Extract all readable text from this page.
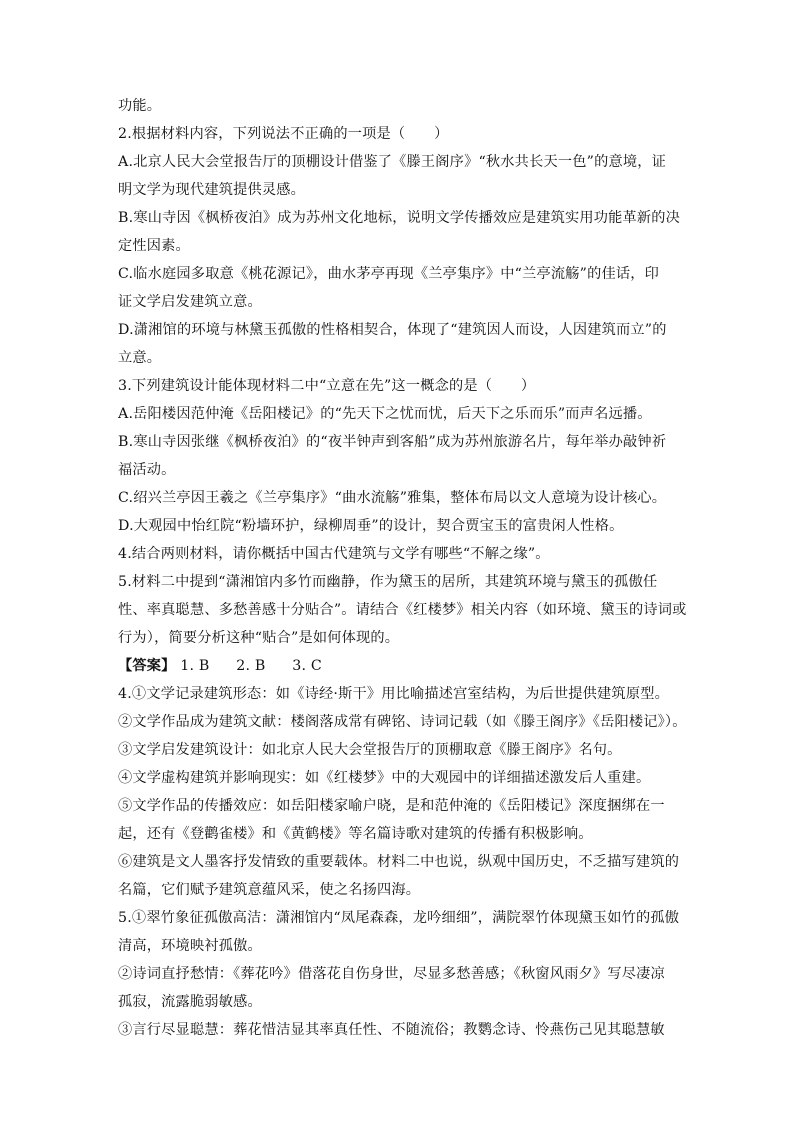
功能。
2.根据材料内容，下列说法不正确的一项是（　　）
A.北京人民大会堂报告厅的顶棚设计借鉴了《滕王阁序》“秋水共长天一色”的意境，证
明文学为现代建筑提供灵感。
B.寒山寺因《枫桥夜泊》成为苏州文化地标，说明文学传播效应是建筑实用功能革新的决
定性因素。
C.临水庭园多取意《桃花源记》，曲水茅亭再现《兰亭集序》中“兰亭流觞”的佳话，印
证文学启发建筑立意。
D.潇湘馆的环境与林黛玉孤傲的性格相契合，体现了“建筑因人而设，人因建筑而立”的
立意。
3.下列建筑设计能体现材料二中“立意在先”这一概念的是（　　）
A.岳阳楼因范仲淹《岳阳楼记》的“先天下之忧而忧，后天下之乐而乐”而声名远播。
B.寒山寺因张继《枫桥夜泊》的“夜半钟声到客船”成为苏州旅游名片，每年举办敲钟祈
福活动。
C.绍兴兰亭因王羲之《兰亭集序》“曲水流觞”雅集，整体布局以文人意境为设计核心。
D.大观园中怡红院“粉墙环护，绿柳周垂”的设计，契合贾宝玉的富贵闲人性格。
4.结合两则材料，请你概括中国古代建筑与文学有哪些“不解之缘”。
5.材料二中提到“潇湘馆内多竹而幽静，作为黛玉的居所，其建筑环境与黛玉的孤傲任
性、率真聪慧、多愁善感十分贴合”。请结合《红楼梦》相关内容（如环境、黛玉的诗词或
行为），简要分析这种“贴合”是如何体现的。
【答案】 1. B 2. B 3. C
4.①文学记录建筑形态：如《诗经·斯干》用比喻描述宫室结构，为后世提供建筑原型。
②文学作品成为建筑文献：楼阁落成常有碑铭、诗词记载（如《滕王阁序》《岳阳楼记》）。
③文学启发建筑设计：如北京人民大会堂报告厅的顶棚取意《滕王阁序》名句。
④文学虚构建筑并影响现实：如《红楼梦》中的大观园中的详细描述激发后人重建。
⑤文学作品的传播效应：如岳阳楼家喻户晓，是和范仲淹的《岳阳楼记》深度捆绑在一
起，还有《登鹳雀楼》和《黄鹤楼》等名篇诗歌对建筑的传播有积极影响。
⑥建筑是文人墨客抒发情致的重要载体。材料二中也说，纵观中国历史，不乏描写建筑的
名篇，它们赋予建筑意蕴风采，使之名扬四海。
5.①翠竹象征孤傲高洁：潇湘馆内“凤尾森森，龙吟细细”，满院翠竹体现黛玉如竹的孤傲
清高，环境映衬孤傲。
②诗词直抒愁情：《葬花吟》借落花自伤身世，尽显多愁善感；《秋窗风雨夕》写尽凄凉
孤寂，流露脆弱敏感。
③言行尽显聪慧：葬花惜洁显其率真任性、不随流俗；教鹦念诗、怜燕伤己见其聪慧敏
